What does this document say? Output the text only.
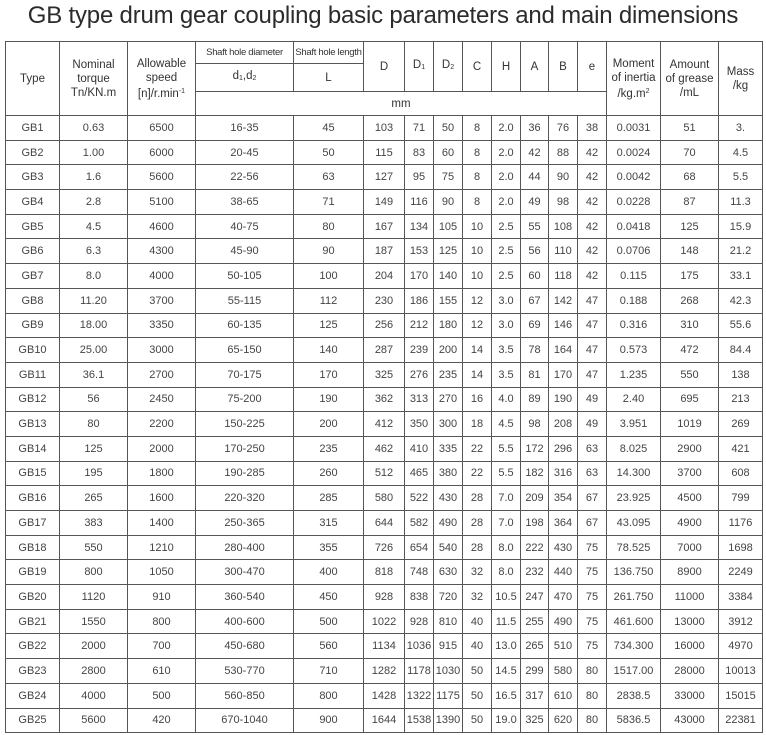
GB type drum gear coupling basic parameters and main dimensions
Type	Nominal
torque
Tn/KN.m	Allowable
speed
$[n]/r.\min^{-1}$	Shaft hole diameter	Shaft hole length	D	$D_1$	$D_2$	C	H	A	B	e	Moment
of inertia
$/kg.m^2$	Amount
of grease
/mL	Mass
/kg
			$d_1,d_2$	L											
			mm												
GB1	0.63	6500	16-35	45	103	71	50	8	2.0	36	76	38	0.0031	51	3.
GB2	1.00	6000	20-45	50	115	83	60	8	2.0	42	88	42	0.0024	70	4.5
GB3	1.6	5600	22-56	63	127	95	75	8	2.0	44	90	42	0.0042	68	5.5
GB4	2.8	5100	38-65	71	149	116	90	8	2.0	49	98	42	0.0228	87	11.3
GB5	4.5	4600	40-75	80	167	134	105	10	2.5	55	108	42	0.0418	125	15.9
GB6	6.3	4300	45-90	90	187	153	125	10	2.5	56	110	42	0.0706	148	21.2
GB7	8.0	4000	50-105	100	204	170	140	10	2.5	60	118	42	0.115	175	33.1
GB8	11.20	3700	55-115	112	230	186	155	12	3.0	67	142	47	0.188	268	42.3
GB9	18.00	3350	60-135	125	256	212	180	12	3.0	69	146	47	0.316	310	55.6
GB10	25.00	3000	65-150	140	287	239	200	14	3.5	78	164	47	0.573	472	84.4
GB11	36.1	2700	70-175	170	325	276	235	14	3.5	81	170	47	1.235	550	138
GB12	56	2450	75-200	190	362	313	270	16	4.0	89	190	49	2.40	695	213
GB13	80	2200	150-225	200	412	350	300	18	4.5	98	208	49	3.951	1019	269
GB14	125	2000	170-250	235	462	410	335	22	5.5	172	296	63	8.025	2900	421
GB15	195	1800	190-285	260	512	465	380	22	5.5	182	316	63	14.300	3700	608
GB16	265	1600	220-320	285	580	522	430	28	7.0	209	354	67	23.925	4500	799
GB17	383	1400	250-365	315	644	582	490	28	7.0	198	364	67	43.095	4900	1176
GB18	550	1210	280-400	355	726	654	540	28	8.0	222	430	75	78.525	7000	1698
GB19	800	1050	300-470	400	818	748	630	32	8.0	232	440	75	136.750	8900	2249
GB20	1120	910	360-540	450	928	838	720	32	10.5	247	470	75	261.750	11000	3384
GB21	1550	800	400-600	500	1022	928	810	40	11.5	255	490	75	461.600	13000	3912
GB22	2000	700	450-680	560	1134	1036	915	40	13.0	265	510	75	734.300	16000	4970
GB23	2800	610	530-770	710	1282	1178	1030	50	14.5	299	580	80	1517.00	28000	10013
GB24	4000	500	560-850	800	1428	1322	1175	50	16.5	317	610	80	2838.5	33000	15015
GB25	5600	420	670-1040	900	1644	1538	1390	50	19.0	325	620	80	5836.5	43000	22381
